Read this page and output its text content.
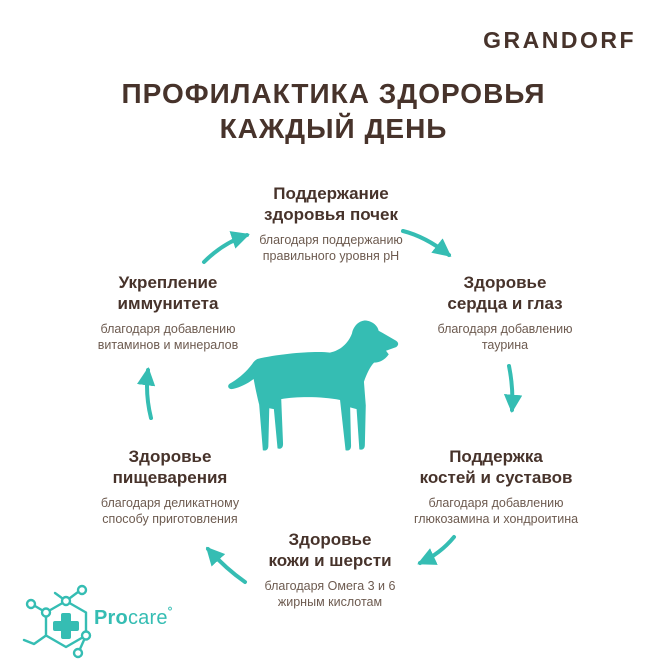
GRANDORF
ПРОФИЛАКТИКА ЗДОРОВЬЯ
КАЖДЫЙ ДЕНЬ
Поддержание
здоровья почек
благодаря поддержанию
правильного уровня pH
Здоровье
сердца и глаз
благодаря добавлению
таурина
Поддержка
костей и суставов
благодаря добавлению
глюкозамина и хондроитина
Здоровье
кожи и шерсти
благодаря Омега 3 и 6
жирным кислотам
Здоровье
пищеварения
благодаря деликатному
способу приготовления
Укрепление
иммунитета
благодаря добавлению
витаминов и минералов
Procare°
